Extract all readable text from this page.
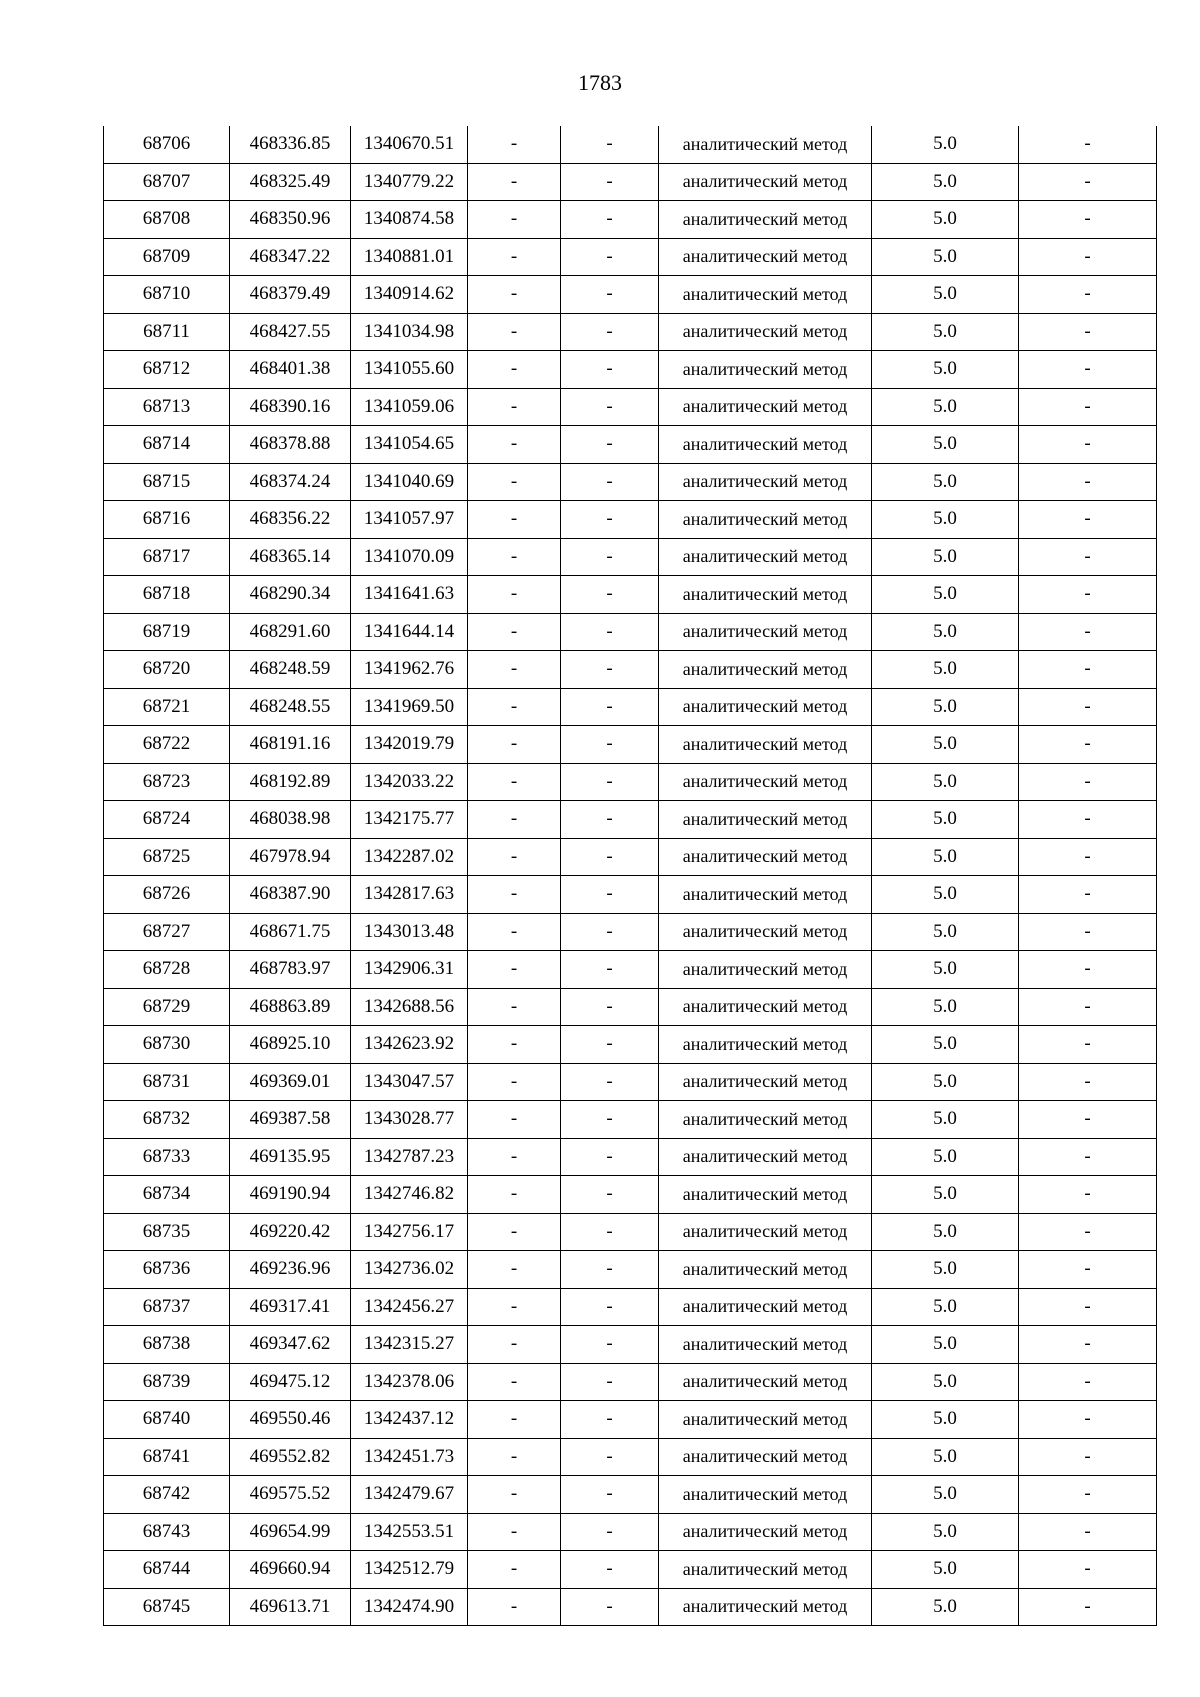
1783
68706	468336.85	1340670.51	-	-	аналитический метод	5.0	-
68707	468325.49	1340779.22	-	-	аналитический метод	5.0	-
68708	468350.96	1340874.58	-	-	аналитический метод	5.0	-
68709	468347.22	1340881.01	-	-	аналитический метод	5.0	-
68710	468379.49	1340914.62	-	-	аналитический метод	5.0	-
68711	468427.55	1341034.98	-	-	аналитический метод	5.0	-
68712	468401.38	1341055.60	-	-	аналитический метод	5.0	-
68713	468390.16	1341059.06	-	-	аналитический метод	5.0	-
68714	468378.88	1341054.65	-	-	аналитический метод	5.0	-
68715	468374.24	1341040.69	-	-	аналитический метод	5.0	-
68716	468356.22	1341057.97	-	-	аналитический метод	5.0	-
68717	468365.14	1341070.09	-	-	аналитический метод	5.0	-
68718	468290.34	1341641.63	-	-	аналитический метод	5.0	-
68719	468291.60	1341644.14	-	-	аналитический метод	5.0	-
68720	468248.59	1341962.76	-	-	аналитический метод	5.0	-
68721	468248.55	1341969.50	-	-	аналитический метод	5.0	-
68722	468191.16	1342019.79	-	-	аналитический метод	5.0	-
68723	468192.89	1342033.22	-	-	аналитический метод	5.0	-
68724	468038.98	1342175.77	-	-	аналитический метод	5.0	-
68725	467978.94	1342287.02	-	-	аналитический метод	5.0	-
68726	468387.90	1342817.63	-	-	аналитический метод	5.0	-
68727	468671.75	1343013.48	-	-	аналитический метод	5.0	-
68728	468783.97	1342906.31	-	-	аналитический метод	5.0	-
68729	468863.89	1342688.56	-	-	аналитический метод	5.0	-
68730	468925.10	1342623.92	-	-	аналитический метод	5.0	-
68731	469369.01	1343047.57	-	-	аналитический метод	5.0	-
68732	469387.58	1343028.77	-	-	аналитический метод	5.0	-
68733	469135.95	1342787.23	-	-	аналитический метод	5.0	-
68734	469190.94	1342746.82	-	-	аналитический метод	5.0	-
68735	469220.42	1342756.17	-	-	аналитический метод	5.0	-
68736	469236.96	1342736.02	-	-	аналитический метод	5.0	-
68737	469317.41	1342456.27	-	-	аналитический метод	5.0	-
68738	469347.62	1342315.27	-	-	аналитический метод	5.0	-
68739	469475.12	1342378.06	-	-	аналитический метод	5.0	-
68740	469550.46	1342437.12	-	-	аналитический метод	5.0	-
68741	469552.82	1342451.73	-	-	аналитический метод	5.0	-
68742	469575.52	1342479.67	-	-	аналитический метод	5.0	-
68743	469654.99	1342553.51	-	-	аналитический метод	5.0	-
68744	469660.94	1342512.79	-	-	аналитический метод	5.0	-
68745	469613.71	1342474.90	-	-	аналитический метод	5.0	-
